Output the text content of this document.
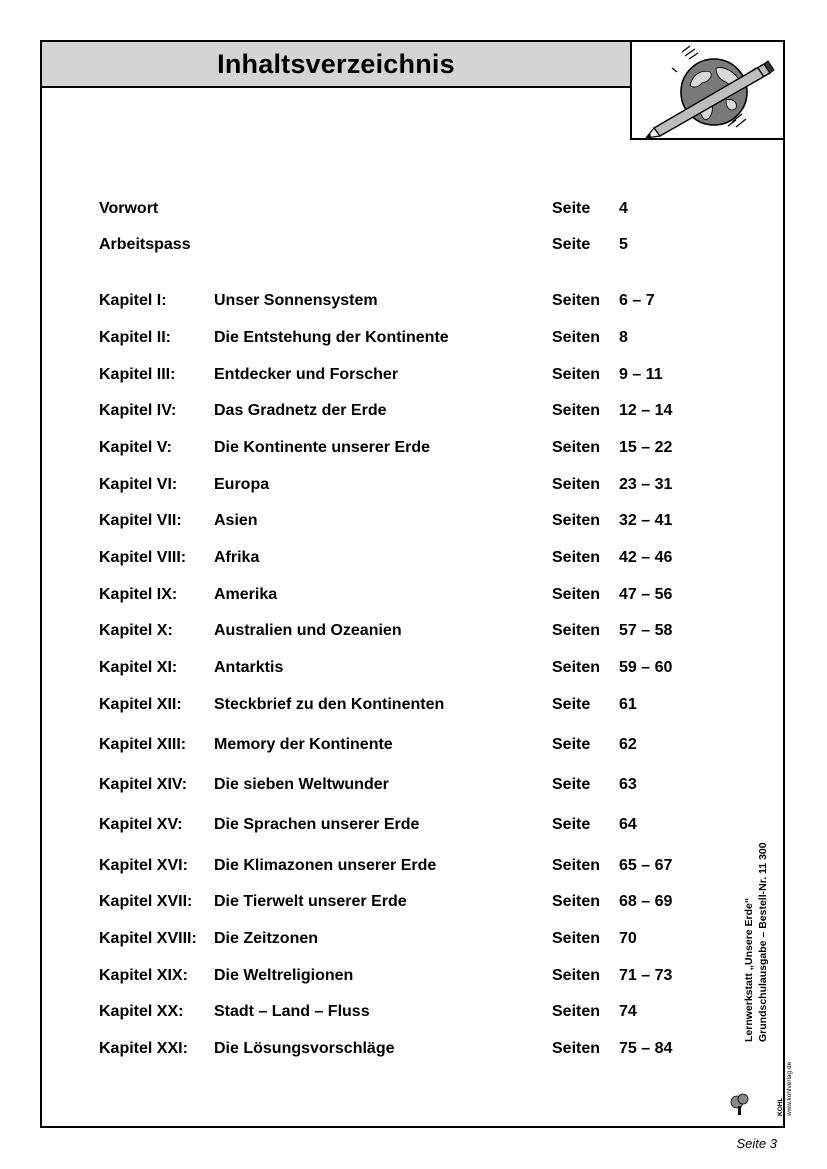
Inhaltsverzeichnis
Vorwort	Seite 4
Arbeitspass	Seite 5
Kapitel I:	Unser Sonnensystem	Seiten 6 – 7
Kapitel II:	Die Entstehung der Kontinente	Seiten 8
Kapitel III: Entdecker und Forscher	Seiten 9 – 11
Kapitel IV: Das Gradnetz der Erde	Seiten 12 – 14
Kapitel V:	Die Kontinente unserer Erde	Seiten 15 – 22
Kapitel VI: Europa	Seiten 23 – 31
Kapitel VII: Asien	Seiten 32 – 41
Kapitel VIII: Afrika	Seiten 42 – 46
Kapitel IX: Amerika	Seiten 47 – 56
Kapitel X:	Australien und Ozeanien	Seiten 57 – 58
Kapitel XI: Antarktis	Seiten 59 – 60
Kapitel XII: Steckbrief zu den Kontinenten	Seite 61
Kapitel XIII: Memory der Kontinente	Seite 62
Kapitel XIV: Die sieben Weltwunder	Seite 63
Kapitel XV: Die Sprachen unserer Erde	Seite 64
Kapitel XVI: Die Klimazonen unserer Erde	Seiten 65 – 67
Kapitel XVII: Die Tierwelt unserer Erde	Seiten 68 – 69
Kapitel XVIII: Die Zeitzonen	Seiten 70
Kapitel XIX: Die Weltreligionen	Seiten 71 – 73
Kapitel XX: Stadt – Land – Fluss	Seiten 74
Kapitel XXI: Die Lösungsvorschläge	Seiten 75 – 84
Lernwerkstatt „Unsere Erde“ Grundschulausgabe – Bestell-Nr. 11 300
KOHL www.kohlverlag.de
Seite 3
